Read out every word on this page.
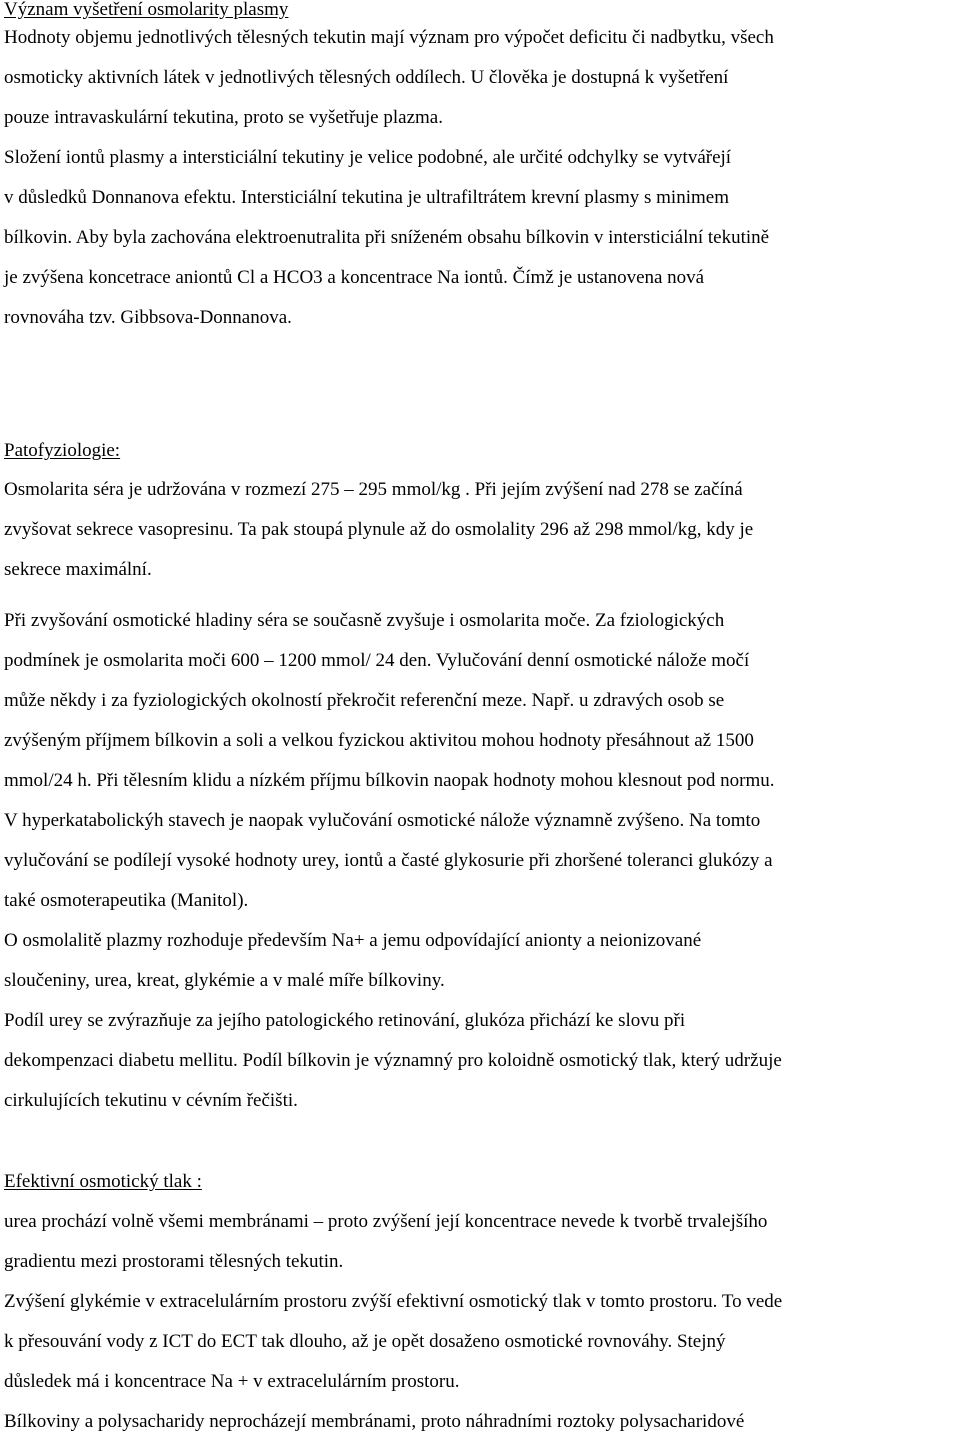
Význam vyšetření osmolarity plasmy
Hodnoty objemu jednotlivých tělesných tekutin mají význam pro výpočet deficitu či nadbytku, všech
osmoticky aktivních látek v jednotlivých tělesných oddílech. U člověka je dostupná k vyšetření
pouze intravaskulární tekutina, proto se vyšetřuje plazma.
Složení iontů plasmy a intersticiální tekutiny je velice podobné, ale určité odchylky se vytvářejí
v důsledků Donnanova efektu. Intersticiální tekutina je ultrafiltrátem krevní plasmy s minimem
bílkovin. Aby byla zachována elektroenutralita při sníženém obsahu bílkovin v intersticiální tekutině
je zvýšena koncetrace aniontů Cl a HCO3 a koncentrace Na iontů. Čímž je ustanovena nová
rovnováha tzv. Gibbsova-Donnanova.
Patofyziologie:
Osmolarita séra je udržována v rozmezí 275 – 295 mmol/kg . Při jejím zvýšení nad 278 se začíná
zvyšovat sekrece vasopresinu. Ta pak stoupá plynule až do osmolality 296 až 298 mmol/kg, kdy je
sekrece maximální.
Při zvyšování osmotické hladiny séra se současně zvyšuje i osmolarita moče. Za fziologických
podmínek je osmolarita moči 600 – 1200 mmol/ 24 den. Vylučování denní osmotické nálože močí
může někdy i za fyziologických okolností překročit referenční meze. Např. u zdravých osob se
zvýšeným příjmem bílkovin a soli a velkou fyzickou aktivitou mohou hodnoty přesáhnout až 1500
mmol/24 h. Při tělesním klidu a nízkém příjmu bílkovin naopak hodnoty mohou klesnout pod normu.
V hyperkatabolickýh stavech je naopak vylučování osmotické nálože významně zvýšeno. Na tomto
vylučování se podílejí vysoké hodnoty urey, iontů a časté glykosurie při zhoršené toleranci glukózy a
také osmoterapeutika (Manitol).
O osmolalitě plazmy rozhoduje především Na+ a jemu odpovídající anionty a neionizované
sloučeniny, urea, kreat, glykémie a v malé míře bílkoviny.
Podíl urey se zvýrazňuje za jejího patologického retinování, glukóza přichází ke slovu při
dekompenzaci diabetu mellitu. Podíl bílkovin je významný pro koloidně osmotický tlak, který udržuje
cirkulujících tekutinu v cévním řečišti.
Efektivní osmotický tlak :
urea prochází volně všemi membránami – proto zvýšení její koncentrace nevede k tvorbě trvalejšího
gradientu mezi prostorami tělesných tekutin.
Zvýšení glykémie v extracelulárním prostoru zvýší efektivní osmotický tlak v tomto prostoru. To vede
k přesouvání vody z ICT do ECT tak dlouho, až je opět dosaženo osmotické rovnováhy. Stejný
důsledek má i koncentrace Na + v extracelulárním prostoru.
Bílkoviny a polysacharidy neprocházejí membránami, proto náhradními roztoky polysacharidové
